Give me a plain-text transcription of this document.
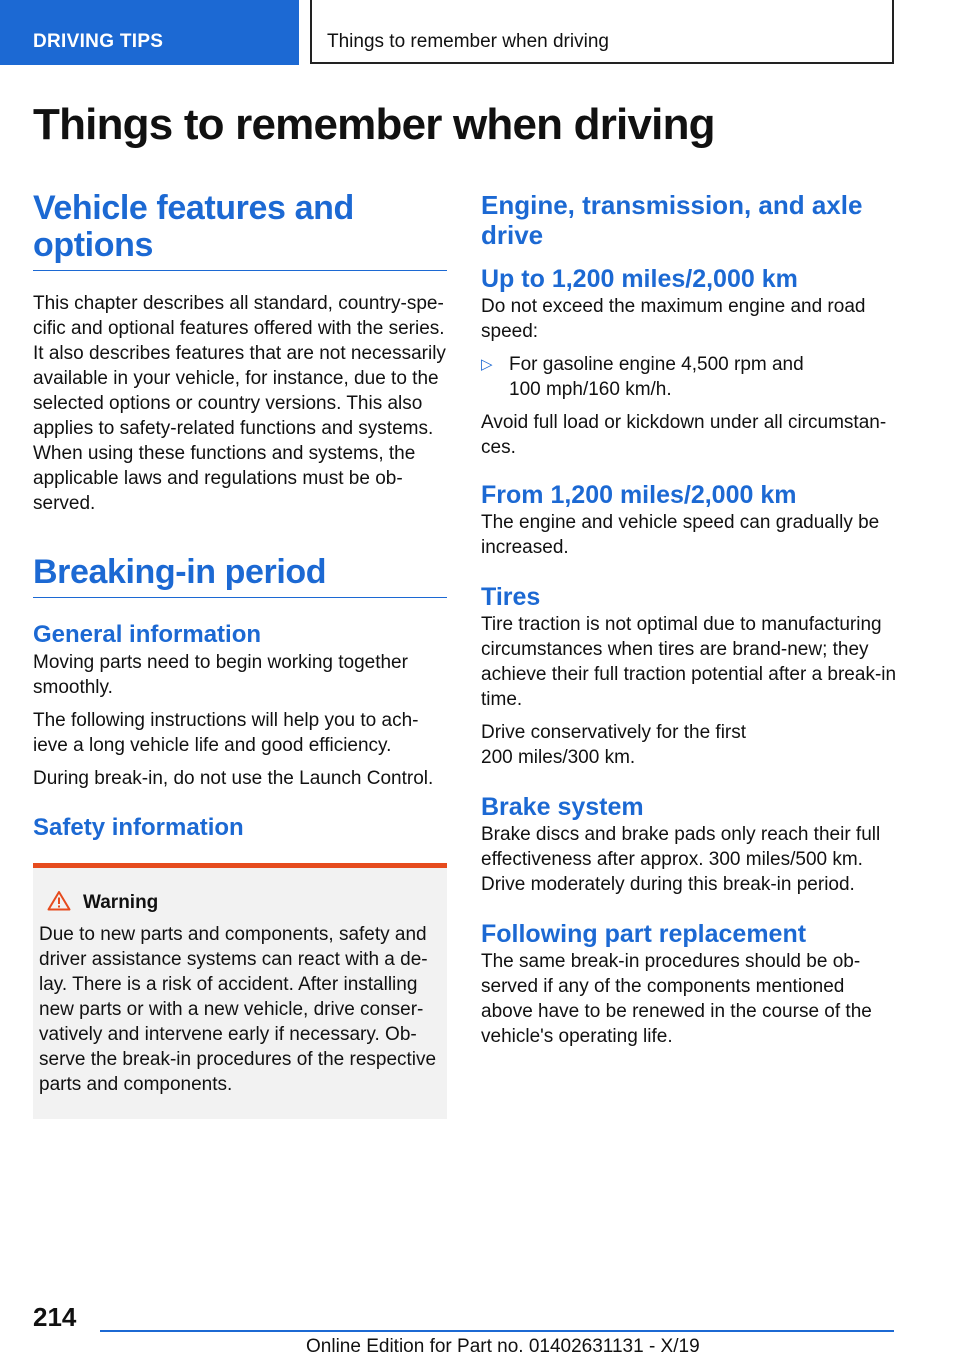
DRIVING TIPS	Things to remember when driving
Things to remember when driving
Vehicle features and options

This chapter describes all standard, country-spe-
cific and optional features offered with the series.
It also describes features that are not necessarily
available in your vehicle, for instance, due to the
selected options or country versions. This also
applies to safety-related functions and systems.
When using these functions and systems, the
applicable laws and regulations must be ob-
served.

Breaking-in period
General information

Moving parts need to begin working together
smoothly.

The following instructions will help you to ach-
ieve a long vehicle life and good efficiency.

During break-in, do not use the Launch Control.

Safety information
Warning

Due to new parts and components, safety and
driver assistance systems can react with a de-
lay. There is a risk of accident. After installing
new parts or with a new vehicle, drive conser-
vatively and intervene early if necessary. Ob-
serve the break-in procedures of the respective
parts and components.

Engine, transmission, and axle drive
Up to 1,200 miles/2,000 km

Do not exceed the maximum engine and road
speed:

▷ For gasoline engine 4,500 rpm and
100 mph/160 km/h.

Avoid full load or kickdown under all circumstan-
ces.

From 1,200 miles/2,000 km

The engine and vehicle speed can gradually be
increased.

Tires

Tire traction is not optimal due to manufacturing
circumstances when tires are brand-new; they
achieve their full traction potential after a break-in
time.

Drive conservatively for the first
200 miles/300 km.

Brake system

Brake discs and brake pads only reach their full
effectiveness after approx. 300 miles/500 km.
Drive moderately during this break-in period.

Following part replacement

The same break-in procedures should be ob-
served if any of the components mentioned
above have to be renewed in the course of the
vehicle's operating life.

214
Online Edition for Part no. 01402631131 - X/19
